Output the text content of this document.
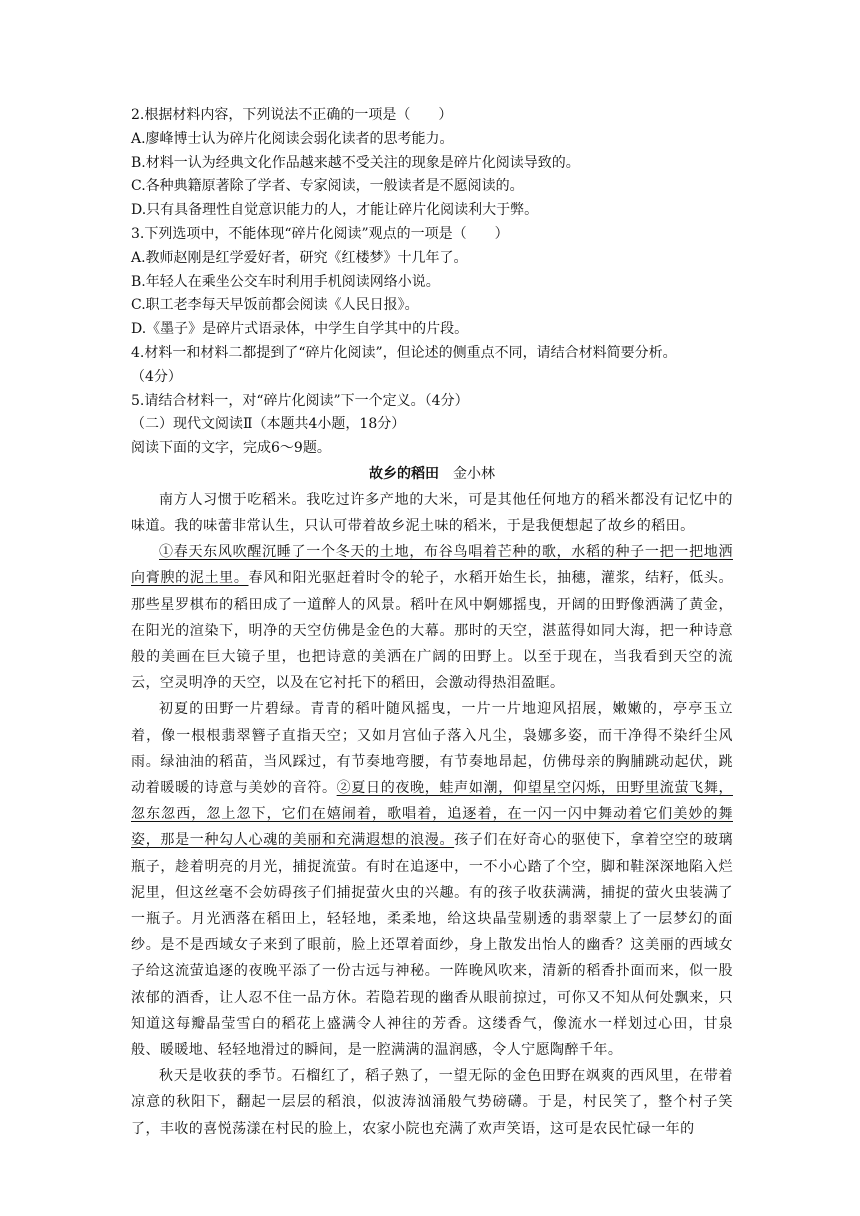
2.根据材料内容，下列说法不正确的一项是（　　）
A.廖峰博士认为碎片化阅读会弱化读者的思考能力。
B.材料一认为经典文化作品越来越不受关注的现象是碎片化阅读导致的。
C.各种典籍原著除了学者、专家阅读，一般读者是不愿阅读的。
D.只有具备理性自觉意识能力的人，才能让碎片化阅读利大于弊。
3.下列选项中，不能体现“碎片化阅读”观点的一项是（　　）
A.教师赵刚是红学爱好者，研究《红楼梦》十几年了。
B.年轻人在乘坐公交车时利用手机阅读网络小说。
C.职工老李每天早饭前都会阅读《人民日报》。
D.《墨子》是碎片式语录体，中学生自学其中的片段。
4.材料一和材料二都提到了“碎片化阅读”，但论述的侧重点不同，请结合材料简要分析。
（4分）
5.请结合材料一，对“碎片化阅读”下一个定义。（4分）
（二）现代文阅读Ⅱ（本题共4小题，18分）
阅读下面的文字，完成6～9题。
故乡的稻田 金小林

南方人习惯于吃稻米。我吃过许多产地的大米，可是其他任何地方的稻米都没有记忆中的味道。我的味蕾非常认生，只认可带着故乡泥土味的稻米，于是我便想起了故乡的稻田。

①春天东风吹醒沉睡了一个冬天的土地，布谷鸟唱着芒种的歌，水稻的种子一把一把地洒向膏腴的泥土里。春风和阳光驱赶着时令的轮子，水稻开始生长，抽穗，灌浆，结籽，低头。那些星罗棋布的稻田成了一道醉人的风景。稻叶在风中婀娜摇曳，开阔的田野像洒满了黄金，在阳光的渲染下，明净的天空仿佛是金色的大幕。那时的天空，湛蓝得如同大海，把一种诗意般的美画在巨大镜子里，也把诗意的美洒在广阔的田野上。以至于现在，当我看到天空的流云，空灵明净的天空，以及在它衬托下的稻田，会激动得热泪盈眶。

初夏的田野一片碧绿。青青的稻叶随风摇曳，一片一片地迎风招展，嫩嫩的，亭亭玉立着，像一根根翡翠簪子直指天空；又如月宫仙子落入凡尘，袅娜多姿，而干净得不染纤尘风雨。绿油油的稻苗，当风踩过，有节奏地弯腰，有节奏地昂起，仿佛母亲的胸脯跳动起伏，跳动着暖暖的诗意与美妙的音符。②夏日的夜晚，蛙声如潮，仰望星空闪烁，田野里流萤飞舞，忽东忽西，忽上忽下，它们在嬉闹着，歌唱着，追逐着，在一闪一闪中舞动着它们美妙的舞姿，那是一种勾人心魂的美丽和充满遐想的浪漫。孩子们在好奇心的驱使下，拿着空空的玻璃瓶子，趁着明亮的月光，捕捉流萤。有时在追逐中，一不小心踏了个空，脚和鞋深深地陷入烂泥里，但这丝毫不会妨碍孩子们捕捉萤火虫的兴趣。有的孩子收获满满，捕捉的萤火虫装满了一瓶子。月光洒落在稻田上，轻轻地，柔柔地，给这块晶莹剔透的翡翠蒙上了一层梦幻的面纱。是不是西域女子来到了眼前，脸上还罩着面纱，身上散发出怡人的幽香？这美丽的西域女子给这流萤追逐的夜晚平添了一份古远与神秘。一阵晚风吹来，清新的稻香扑面而来，似一股浓郁的酒香，让人忍不住一品方休。若隐若现的幽香从眼前掠过，可你又不知从何处飘来，只知道这每瓣晶莹雪白的稻花上盛满令人神往的芳香。这缕香气，像流水一样划过心田，甘泉般、暖暖地、轻轻地滑过的瞬间，是一腔满满的温润感，令人宁愿陶醉千年。

秋天是收获的季节。石榴红了，稻子熟了，一望无际的金色田野在飒爽的西风里，在带着凉意的秋阳下，翻起一层层的稻浪，似波涛汹涌般气势磅礴。于是，村民笑了，整个村子笑了，丰收的喜悦荡漾在村民的脸上，农家小院也充满了欢声笑语，这可是农民忙碌一年的
